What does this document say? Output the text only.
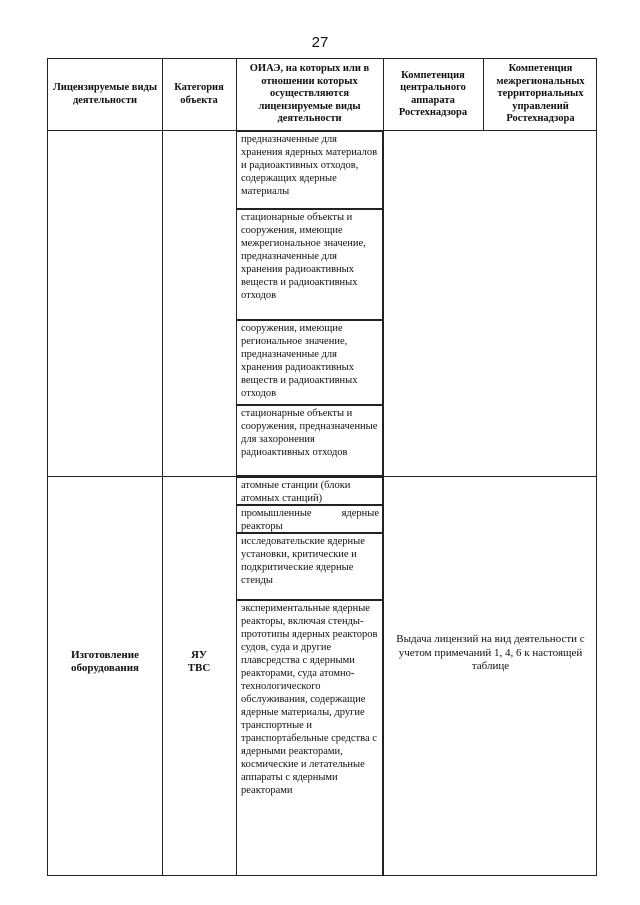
27
Лицензируемые виды деятельности
Категория объекта
ОИАЭ, на которых или в отношении которых осуществляются лицензируемые виды деятельности
Компетенция центрального аппарата Ростехнадзора
Компетенция межрегиональных территориальных управлений Ростехнадзора
предназначенные для хранения ядерных материалов и радиоактивных отходов, содержащих ядерные материалы
стационарные объекты и сооружения, имеющие межрегиональное значение, предназначенные для хранения радиоактивных веществ и радиоактивных отходов
сооружения, имеющие региональное значение, предназначенные для хранения радиоактивных веществ и радиоактивных отходов
стационарные объекты и сооружения, предназначенные для захоронения радиоактивных отходов
атомные станции (блоки атомных станций)
промышленные ядерные реакторы
исследовательские ядерные установки, критические и подкритические ядерные стенды
экспериментальные ядерные реакторы, включая стенды-прототипы ядерных реакторов судов, суда и другие плавсредства с ядерными реакторами, суда атомно-технологического обслуживания, содержащие ядерные материалы, другие транспортные и транспортабельные средства с ядерными реакторами, космические и летательные аппараты с ядерными реакторами
Изготовление оборудования
ЯУ
ТВС
Выдача лицензий на вид деятельности с учетом примечаний 1, 4, 6 к настоящей таблице
